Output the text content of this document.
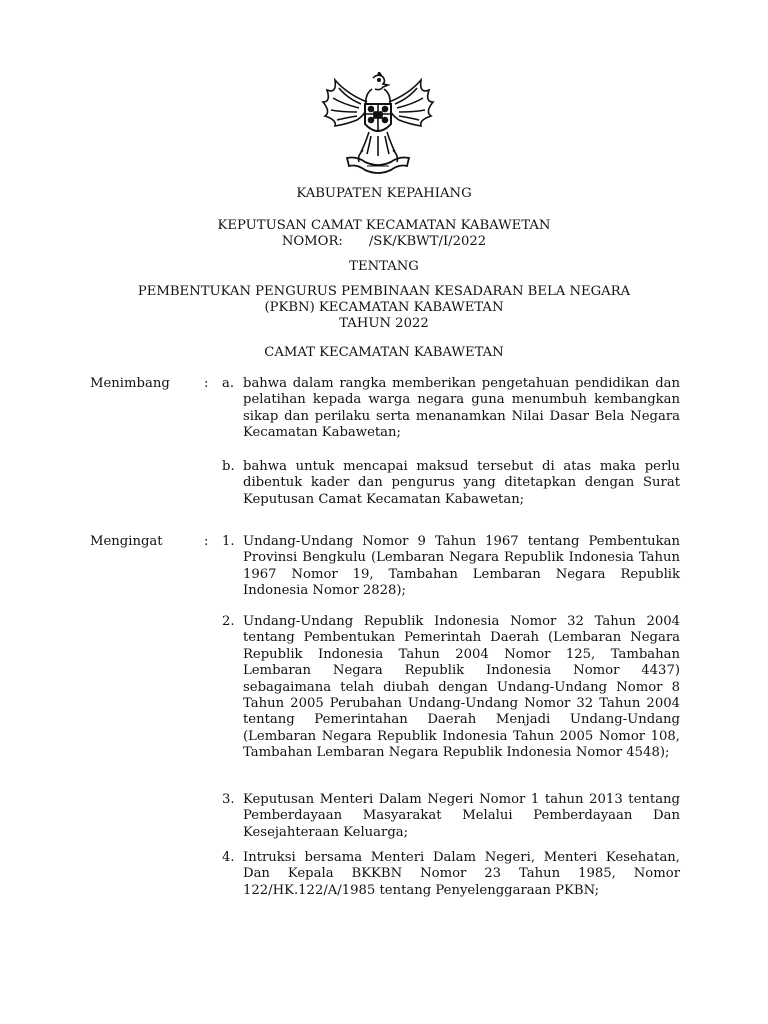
KABUPATEN KEPAHIANG
KEPUTUSAN CAMAT KECAMATAN KABAWETAN
NOMOR: /SK/KBWT/I/2022
TENTANG
PEMBENTUKAN PENGURUS PEMBINAAN KESADARAN BELA NEGARA
(PKBN) KECAMATAN KABAWETAN
TAHUN 2022
CAMAT KECAMATAN KABAWETAN
Menimbang	: a. bahwa dalam rangka memberikan pengetahuan pendidikan dan pelatihan kepada warga negara guna menumbuh kembangkan sikap dan perilaku serta menanamkan Nilai Dasar Bela Negara Kecamatan Kabawetan;
b. bahwa untuk mencapai maksud tersebut di atas maka perlu dibentuk kader dan pengurus yang ditetapkan dengan Surat Keputusan Camat Kecamatan Kabawetan;
Mengingat	: 1. Undang-Undang Nomor 9 Tahun 1967 tentang Pembentukan Provinsi Bengkulu (Lembaran Negara Republik Indonesia Tahun 1967 Nomor 19, Tambahan Lembaran Negara Republik Indonesia Nomor 2828);
2. Undang-Undang Republik Indonesia Nomor 32 Tahun 2004 tentang Pembentukan Pemerintah Daerah (Lembaran Negara Republik Indonesia Tahun 2004 Nomor 125, Tambahan Lembaran Negara Republik Indonesia Nomor 4437) sebagaimana telah diubah dengan Undang-Undang Nomor 8 Tahun 2005 Perubahan Undang-Undang Nomor 32 Tahun 2004 tentang Pemerintahan Daerah Menjadi Undang-Undang (Lembaran Negara Republik Indonesia Tahun 2005 Nomor 108, Tambahan Lembaran Negara Republik Indonesia Nomor 4548);
3. Keputusan Menteri Dalam Negeri Nomor 1 tahun 2013 tentang Pemberdayaan Masyarakat Melalui Pemberdayaan Dan Kesejahteraan Keluarga;
4. Intruksi bersama Menteri Dalam Negeri, Menteri Kesehatan, Dan Kepala BKKBN Nomor 23 Tahun 1985, Nomor 122/HK.122/A/1985 tentang Penyelenggaraan PKBN;
